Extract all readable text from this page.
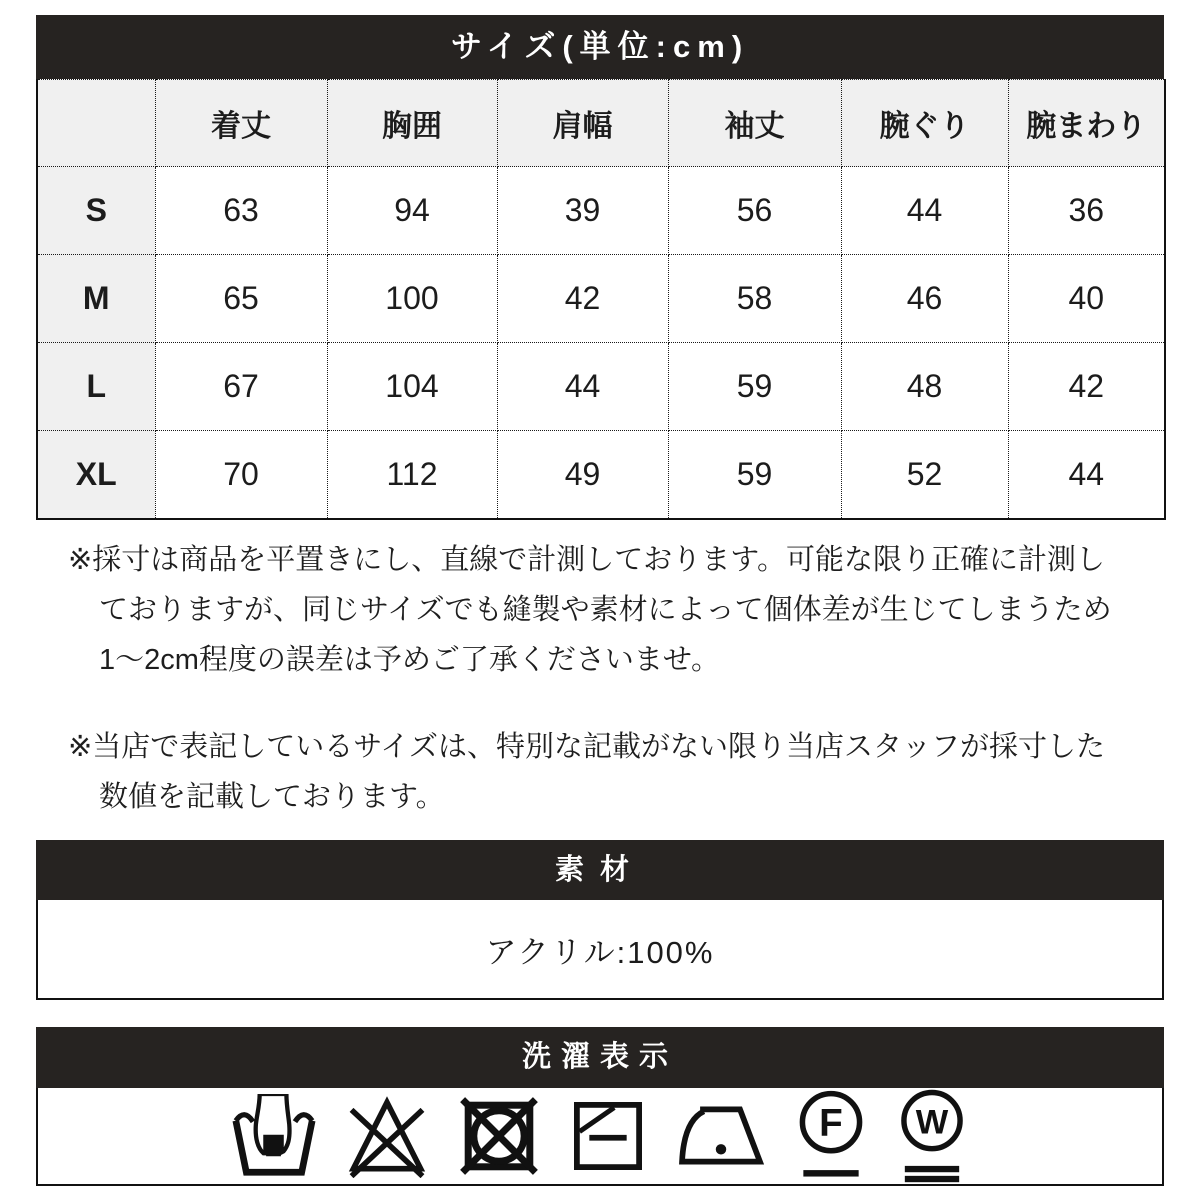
サイズ(単位:cm)
	着丈	胸囲	肩幅	袖丈	腕ぐり	腕まわり
S	63	94	39	56	44	36
M	65	100	42	58	46	40
L	67	104	44	59	48	42
XL	70	112	49	59	52	44
※採寸は商品を平置きにし、直線で計測しております。可能な限り正確に計測し
ておりますが、同じサイズでも縫製や素材によって個体差が生じてしまうため
1〜2cm程度の誤差は予めご了承くださいませ。
※当店で表記しているサイズは、特別な記載がない限り当店スタッフが採寸した
数値を記載しております。
素材
アクリル:100%
洗濯表示
F W
